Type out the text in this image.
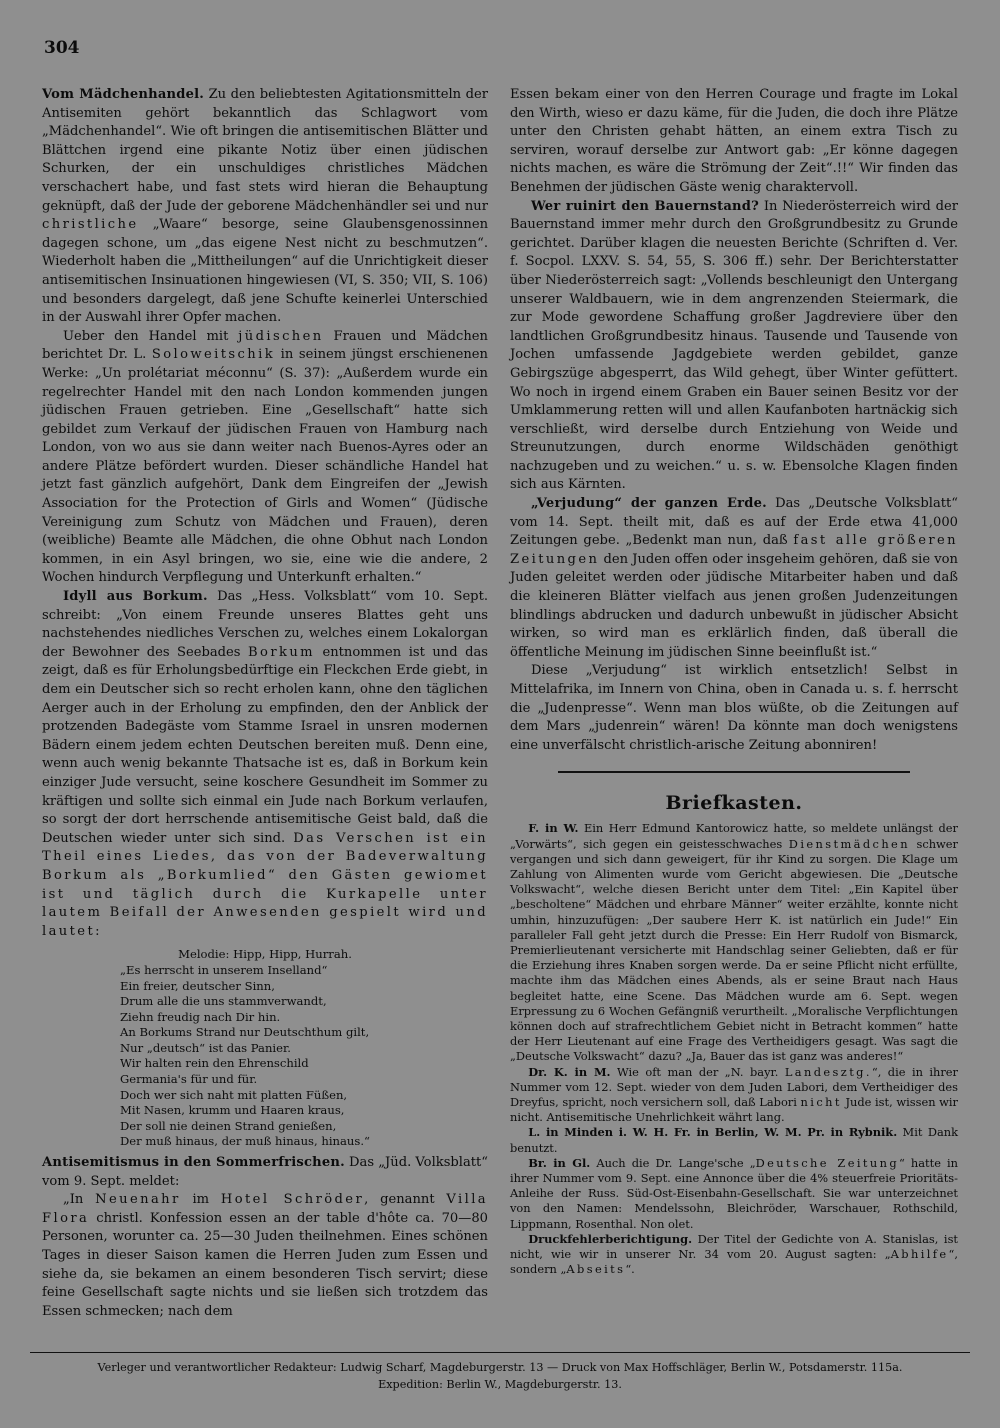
304

Vom Mädchenhandel. Zu den beliebtesten Agitationsmitteln der Antisemiten gehört bekanntlich das Schlagwort vom „Mädchenhandel“. Wie oft bringen die antisemitischen Blätter und Blättchen irgend eine pikante Notiz über einen jüdischen Schurken, der ein unschuldiges christliches Mädchen verschachert habe, und fast stets wird hieran die Behauptung geknüpft, daß der Jude der geborene Mädchenhändler sei und nur christliche „Waare“ besorge, seine Glaubensgenossinnen dagegen schone, um „das eigene Nest nicht zu beschmutzen“. Wiederholt haben die „Mittheilungen“ auf die Unrichtigkeit dieser antisemitischen Insinuationen hingewiesen (VI, S. 350; VII, S. 106) und besonders dargelegt, daß jene Schufte keinerlei Unterschied in der Auswahl ihrer Opfer machen.

Ueber den Handel mit jüdischen Frauen und Mädchen berichtet Dr. L. Soloweitschik in seinem jüngst erschienenen Werke: „Un prolétariat méconnu“ (S. 37): „Außerdem wurde ein regelrechter Handel mit den nach London kommenden jungen jüdischen Frauen getrieben. Eine „Gesellschaft“ hatte sich gebildet zum Verkauf der jüdischen Frauen von Hamburg nach London, von wo aus sie dann weiter nach Buenos-Ayres oder an andere Plätze befördert wurden. Dieser schändliche Handel hat jetzt fast gänzlich aufgehört, Dank dem Eingreifen der „Jewish Association for the Protection of Girls and Women“ (Jüdische Vereinigung zum Schutz von Mädchen und Frauen), deren (weibliche) Beamte alle Mädchen, die ohne Obhut nach London kommen, in ein Asyl bringen, wo sie, eine wie die andere, 2 Wochen hindurch Verpflegung und Unterkunft erhalten.“

Idyll aus Borkum. Das „Hess. Volksblatt“ vom 10. Sept. schreibt: „Von einem Freunde unseres Blattes geht uns nachstehendes niedliches Verschen zu, welches einem Lokalorgan der Bewohner des Seebades Borkum entnommen ist und das zeigt, daß es für Erholungsbedürftige ein Fleckchen Erde giebt, in dem ein Deutscher sich so recht erholen kann, ohne den täglichen Aerger auch in der Erholung zu empfinden, den der Anblick der protzenden Badegäste vom Stamme Israel in unsren modernen Bädern einem jedem echten Deutschen bereiten muß. Denn eine, wenn auch wenig bekannte Thatsache ist es, daß in Borkum kein einziger Jude versucht, seine koschere Gesundheit im Sommer zu kräftigen und sollte sich einmal ein Jude nach Borkum verlaufen, so sorgt der dort herrschende antisemitische Geist bald, daß die Deutschen wieder unter sich sind. Das Verschen ist ein Theil eines Liedes, das von der Badeverwaltung Borkum als „Borkumlied“ den Gästen gewiomet ist und täglich durch die Kurkapelle unter lautem Beifall der Anwesenden gespielt wird und lautet:

Melodie: Hipp, Hipp, Hurrah.
„Es herrscht in unserem Inselland“
Ein freier, deutscher Sinn,
Drum alle die uns stammverwandt,
Ziehn freudig nach Dir hin.
An Borkums Strand nur Deutschthum gilt,
Nur „deutsch“ ist das Panier.
Wir halten rein den Ehrenschild
Germania's für und für.
Doch wer sich naht mit platten Füßen,
Mit Nasen, krumm und Haaren kraus,
Der soll nie deinen Strand genießen,
Der muß hinaus, der muß hinaus, hinaus.“

Antisemitismus in den Sommerfrischen. Das „Jüd. Volksblatt“ vom 9. Sept. meldet:

„In Neuenahr im Hotel Schröder, genannt Villa Flora christl. Konfession essen an der table d'hôte ca. 70—80 Personen, worunter ca. 25—30 Juden theilnehmen. Eines schönen Tages in dieser Saison kamen die Herren Juden zum Essen und siehe da, sie bekamen an einem besonderen Tisch servirt; diese feine Gesellschaft sagte nichts und sie ließen sich trotzdem das Essen schmecken; nach dem

Essen bekam einer von den Herren Courage und fragte im Lokal den Wirth, wieso er dazu käme, für die Juden, die doch ihre Plätze unter den Christen gehabt hätten, an einem extra Tisch zu serviren, worauf derselbe zur Antwort gab: „Er könne dagegen nichts machen, es wäre die Strömung der Zeit“.!!“ Wir finden das Benehmen der jüdischen Gäste wenig charaktervoll.

Wer ruinirt den Bauernstand? In Niederösterreich wird der Bauernstand immer mehr durch den Großgrundbesitz zu Grunde gerichtet. Darüber klagen die neuesten Berichte (Schriften d. Ver. f. Socpol. LXXV. S. 54, 55, S. 306 ff.) sehr. Der Berichterstatter über Niederösterreich sagt: „Vollends beschleunigt den Untergang unserer Waldbauern, wie in dem angrenzenden Steiermark, die zur Mode gewordene Schaffung großer Jagdreviere über den landtlichen Großgrundbesitz hinaus. Tausende und Tausende von Jochen umfassende Jagdgebiete werden gebildet, ganze Gebirgszüge abgesperrt, das Wild gehegt, über Winter gefüttert. Wo noch in irgend einem Graben ein Bauer seinen Besitz vor der Umklammerung retten will und allen Kaufanboten hartnäckig sich verschließt, wird derselbe durch Entziehung von Weide und Streunutzungen, durch enorme Wildschäden genöthigt nachzugeben und zu weichen.“ u. s. w. Ebensolche Klagen finden sich aus Kärnten.

„Verjudung“ der ganzen Erde. Das „Deutsche Volksblatt“ vom 14. Sept. theilt mit, daß es auf der Erde etwa 41,000 Zeitungen gebe. „Bedenkt man nun, daß fast alle größeren Zeitungen den Juden offen oder insgeheim gehören, daß sie von Juden geleitet werden oder jüdische Mitarbeiter haben und daß die kleineren Blätter vielfach aus jenen großen Judenzeitungen blindlings abdrucken und dadurch unbewußt in jüdischer Absicht wirken, so wird man es erklärlich finden, daß überall die öffentliche Meinung im jüdischen Sinne beeinflußt ist.“

Diese „Verjudung“ ist wirklich entsetzlich! Selbst in Mittelafrika, im Innern von China, oben in Canada u. s. f. herrscht die „Judenpresse“. Wenn man blos wüßte, ob die Zeitungen auf dem Mars „judenrein“ wären! Da könnte man doch wenigstens eine unverfälscht christlich-arische Zeitung abonniren!

Briefkasten.

F. in W. Ein Herr Edmund Kantorowicz hatte, so meldete unlängst der „Vorwärts“, sich gegen ein geistesschwaches Dienstmädchen schwer vergangen und sich dann geweigert, für ihr Kind zu sorgen. Die Klage um Zahlung von Alimenten wurde vom Gericht abgewiesen. Die „Deutsche Volkswacht“, welche diesen Bericht unter dem Titel: „Ein Kapitel über „bescholtene“ Mädchen und ehrbare Männer“ weiter erzählte, konnte nicht umhin, hinzuzufügen: „Der saubere Herr K. ist natürlich ein Jude!“ Ein paralleler Fall geht jetzt durch die Presse: Ein Herr Rudolf von Bismarck, Premierlieutenant versicherte mit Handschlag seiner Geliebten, daß er für die Erziehung ihres Knaben sorgen werde. Da er seine Pflicht nicht erfüllte, machte ihm das Mädchen eines Abends, als er seine Braut nach Haus begleitet hatte, eine Scene. Das Mädchen wurde am 6. Sept. wegen Erpressung zu 6 Wochen Gefängniß verurtheilt. „Moralische Verpflichtungen können doch auf strafrechtlichem Gebiet nicht in Betracht kommen“ hatte der Herr Lieutenant auf eine Frage des Vertheidigers gesagt. Was sagt die „Deutsche Volkswacht“ dazu? „Ja, Bauer das ist ganz was anderes!“

Dr. K. in M. Wie oft man der „N. bayr. Landesztg.“, die in ihrer Nummer vom 12. Sept. wieder von dem Juden Labori, dem Vertheidiger des Dreyfus, spricht, noch versichern soll, daß Labori nicht Jude ist, wissen wir nicht. Antisemitische Unehrlichkeit währt lang.

L. in Minden i. W. H. Fr. in Berlin, W. M. Pr. in Rybnik. Mit Dank benutzt.

Br. in Gl. Auch die Dr. Lange'sche „Deutsche Zeitung“ hatte in ihrer Nummer vom 9. Sept. eine Annonce über die 4% steuerfreie Prioritäts-Anleihe der Russ. Süd-Ost-Eisenbahn-Gesellschaft. Sie war unterzeichnet von den Namen: Mendelssohn, Bleichröder, Warschauer, Rothschild, Lippmann, Rosenthal. Non olet.

Druckfehlerberichtigung. Der Titel der Gedichte von A. Stanislas, ist nicht, wie wir in unserer Nr. 34 vom 20. August sagten: „Abhilfe“, sondern „Abseits“.

Verleger und verantwortlicher Redakteur: Ludwig Scharf, Magdeburgerstr. 13 — Druck von Max Hoffschläger, Berlin W., Potsdamerstr. 115a.
Expedition: Berlin W., Magdeburgerstr. 13.
